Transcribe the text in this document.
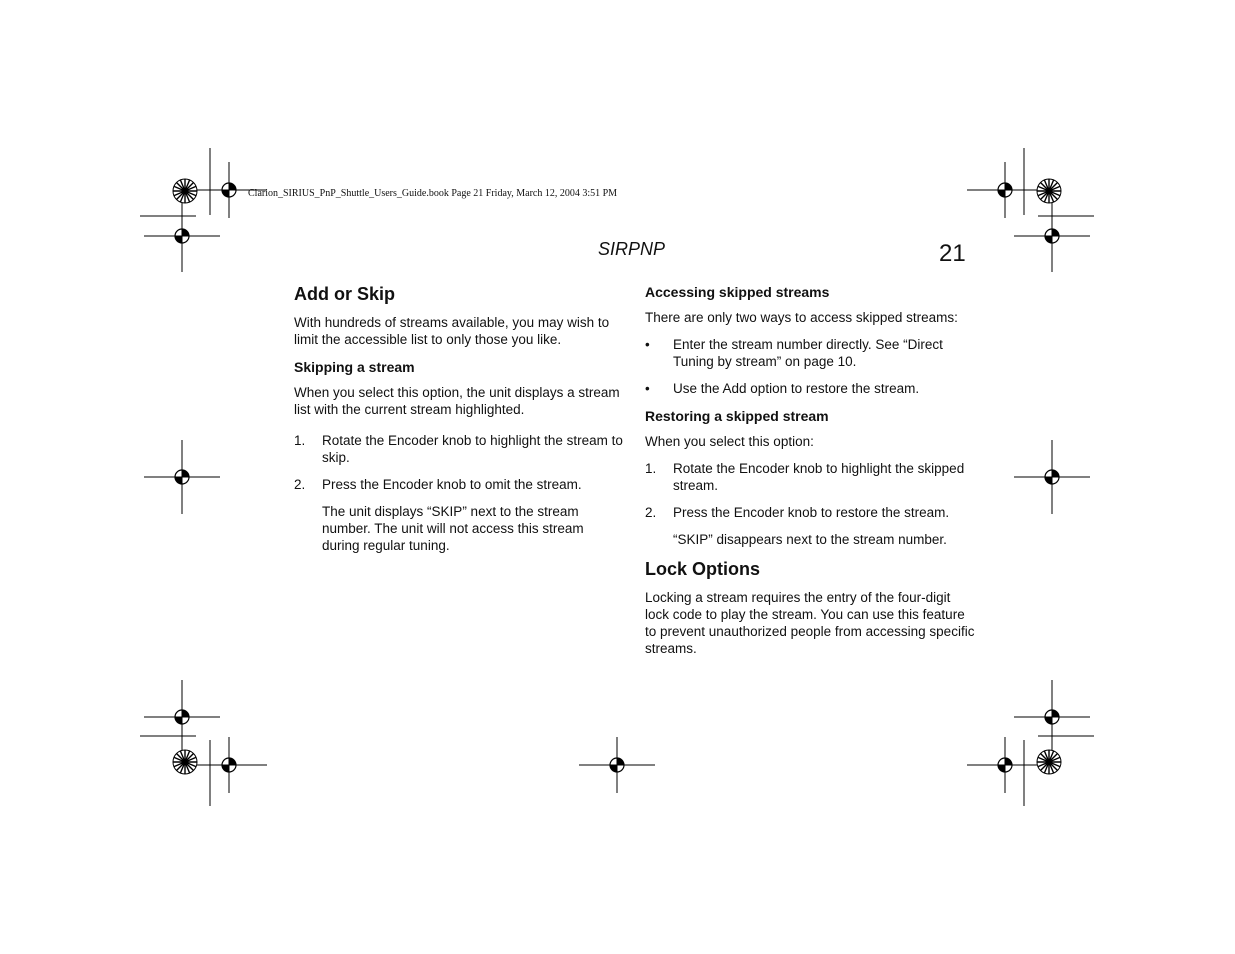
Clarion_SIRIUS_PnP_Shuttle_Users_Guide.book Page 21 Friday, March 12, 2004 3:51 PM
SIRPNP	21
Add or Skip

With hundreds of streams available, you may wish to limit the accessible list to only those you like.

Skipping a stream

When you select this option, the unit displays a stream list with the current stream highlighted.

1. Rotate the Encoder knob to highlight the stream to skip.
2. Press the Encoder knob to omit the stream.
The unit displays “SKIP” next to the stream number. The unit will not access this stream during regular tuning.
Accessing skipped streams

There are only two ways to access skipped streams:

• Enter the stream number directly. See “Direct Tuning by stream” on page 10.
• Use the Add option to restore the stream.
Restoring a skipped stream

When you select this option:

1. Rotate the Encoder knob to highlight the skipped stream.
2. Press the Encoder knob to restore the stream.
“SKIP” disappears next to the stream number.
Lock Options

Locking a stream requires the entry of the four-digit lock code to play the stream. You can use this feature to prevent unauthorized people from accessing specific streams.
